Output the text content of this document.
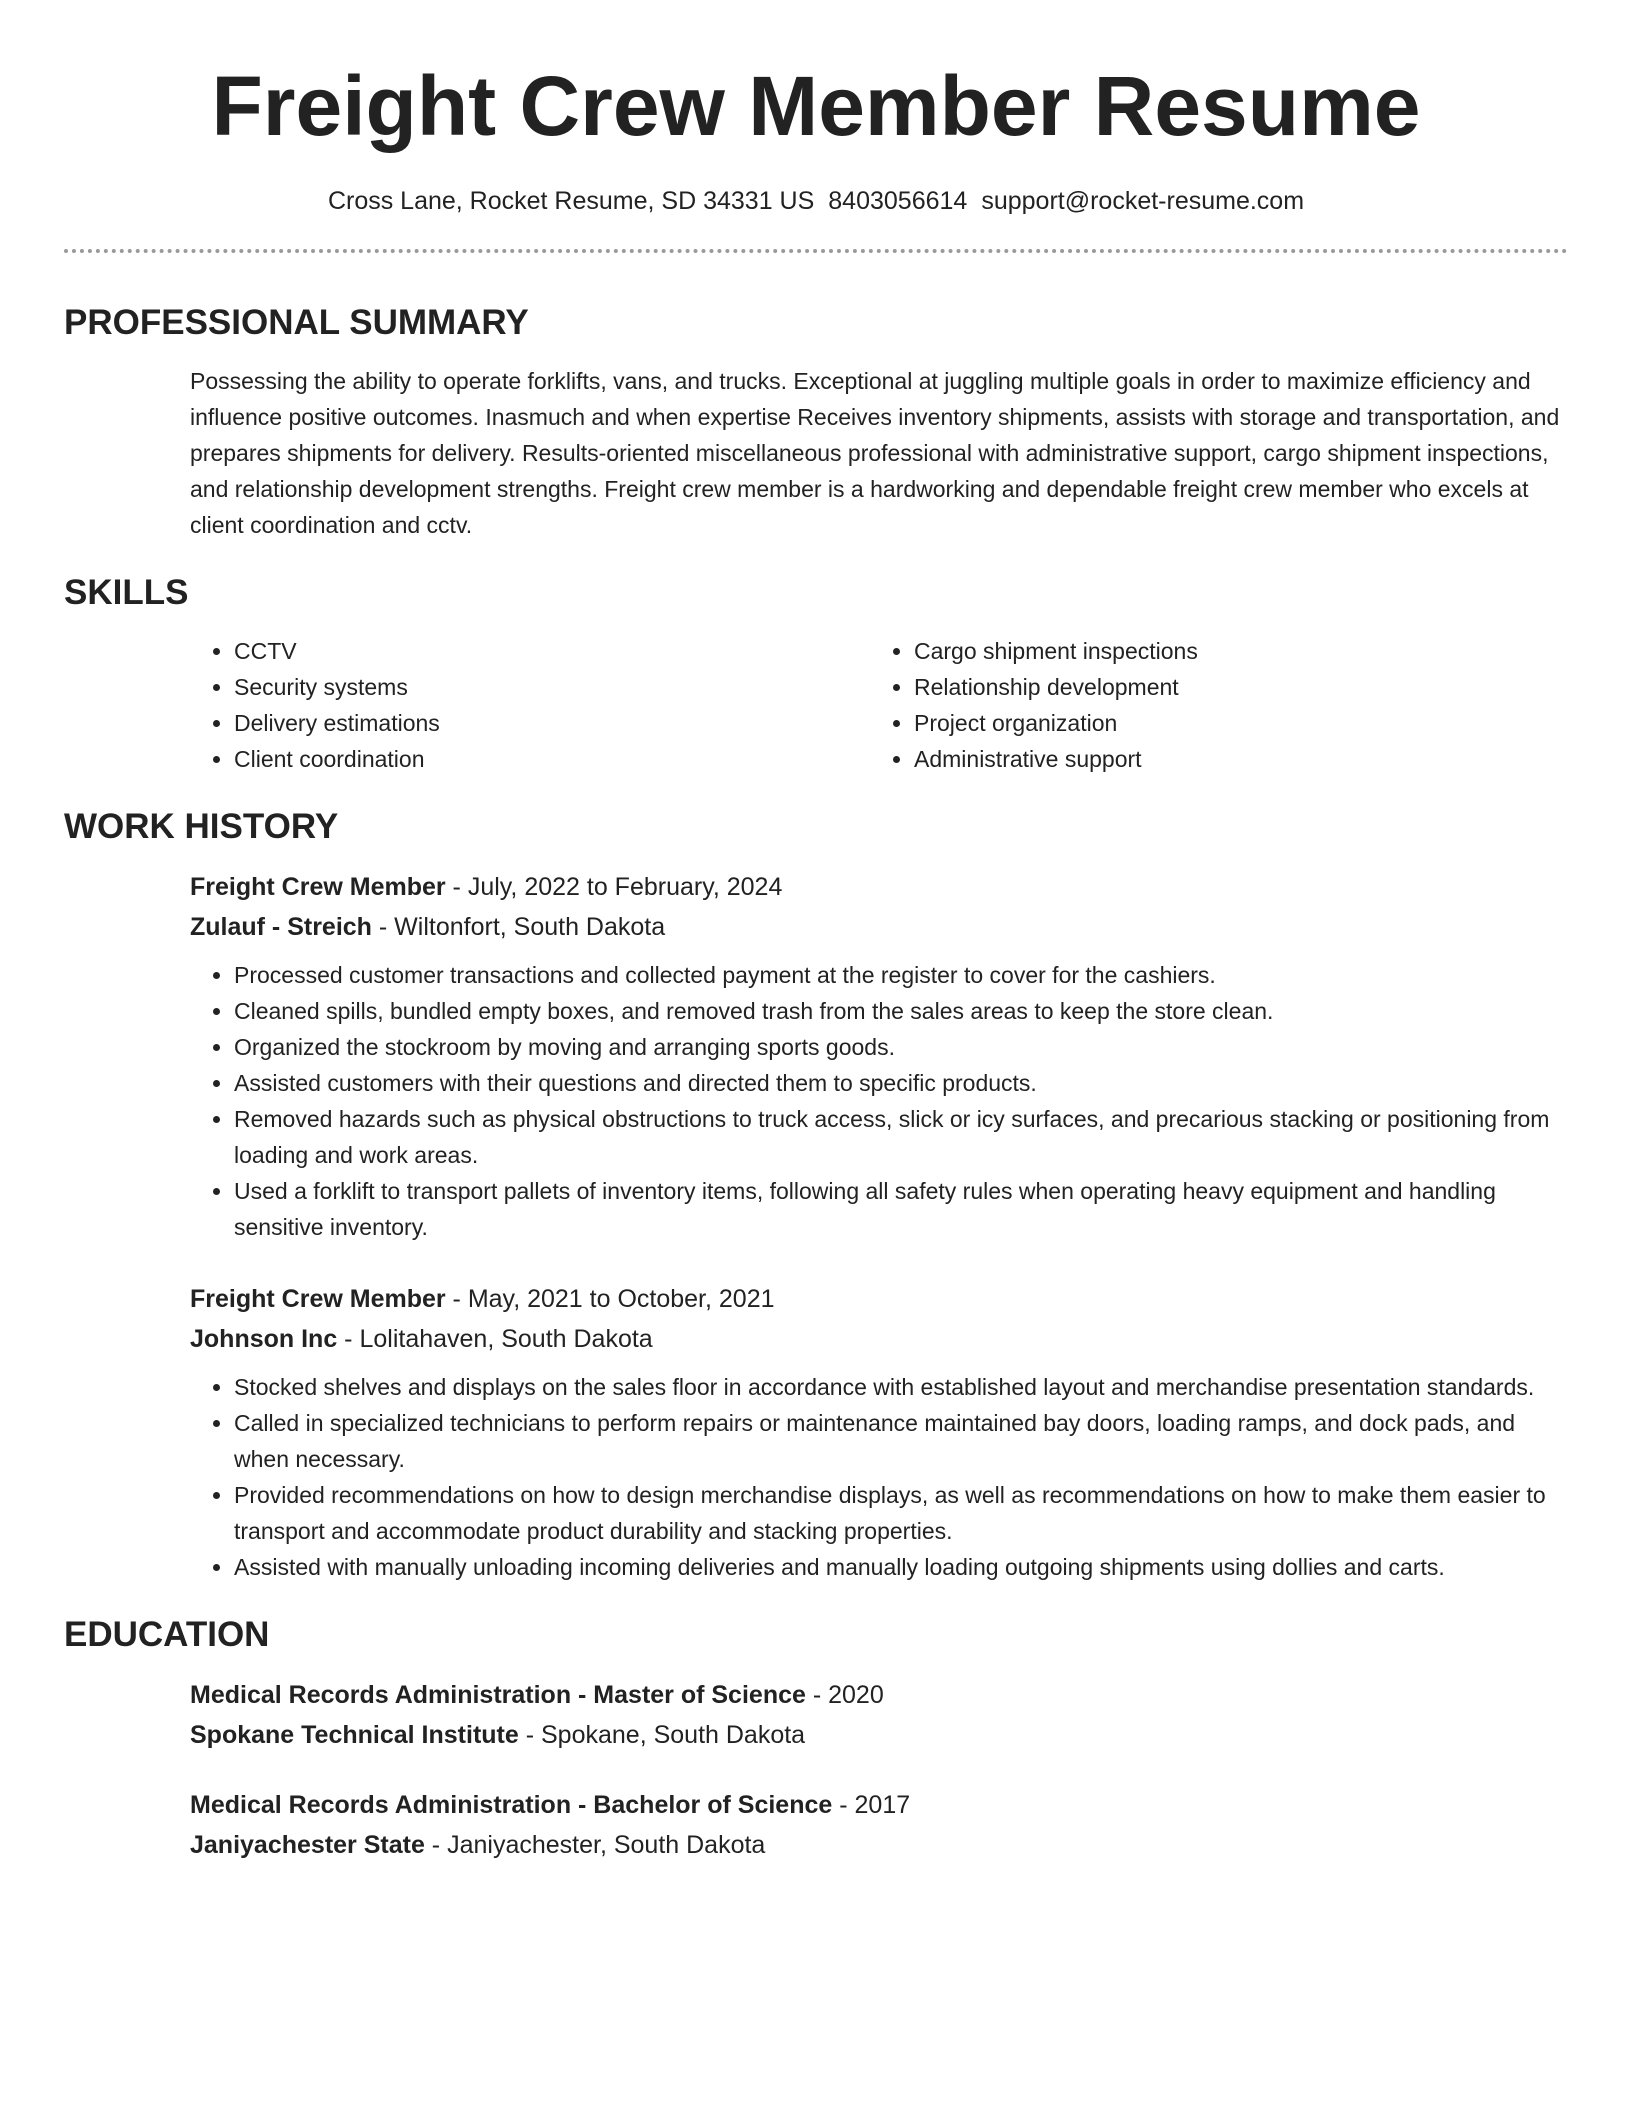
Freight Crew Member Resume
Cross Lane, Rocket Resume, SD 34331 US 8403056614 support@rocket-resume.com
PROFESSIONAL SUMMARY
Possessing the ability to operate forklifts, vans, and trucks. Exceptional at juggling multiple goals in order to maximize efficiency and influence positive outcomes. Inasmuch and when expertise Receives inventory shipments, assists with storage and transportation, and prepares shipments for delivery. Results-oriented miscellaneous professional with administrative support, cargo shipment inspections, and relationship development strengths. Freight crew member is a hardworking and dependable freight crew member who excels at client coordination and cctv.
SKILLS
• CCTV
• Security systems
• Delivery estimations
• Client coordination
• Cargo shipment inspections
• Relationship development
• Project organization
• Administrative support
WORK HISTORY
Freight Crew Member - July, 2022 to February, 2024
Zulauf - Streich - Wiltonfort, South Dakota
• Processed customer transactions and collected payment at the register to cover for the cashiers.
• Cleaned spills, bundled empty boxes, and removed trash from the sales areas to keep the store clean.
• Organized the stockroom by moving and arranging sports goods.
• Assisted customers with their questions and directed them to specific products.
• Removed hazards such as physical obstructions to truck access, slick or icy surfaces, and precarious stacking or positioning from loading and work areas.
• Used a forklift to transport pallets of inventory items, following all safety rules when operating heavy equipment and handling sensitive inventory.
Freight Crew Member - May, 2021 to October, 2021
Johnson Inc - Lolitahaven, South Dakota
• Stocked shelves and displays on the sales floor in accordance with established layout and merchandise presentation standards.
• Called in specialized technicians to perform repairs or maintenance maintained bay doors, loading ramps, and dock pads, and when necessary.
• Provided recommendations on how to design merchandise displays, as well as recommendations on how to make them easier to transport and accommodate product durability and stacking properties.
• Assisted with manually unloading incoming deliveries and manually loading outgoing shipments using dollies and carts.
EDUCATION
Medical Records Administration - Master of Science - 2020
Spokane Technical Institute - Spokane, South Dakota
Medical Records Administration - Bachelor of Science - 2017
Janiyachester State - Janiyachester, South Dakota
